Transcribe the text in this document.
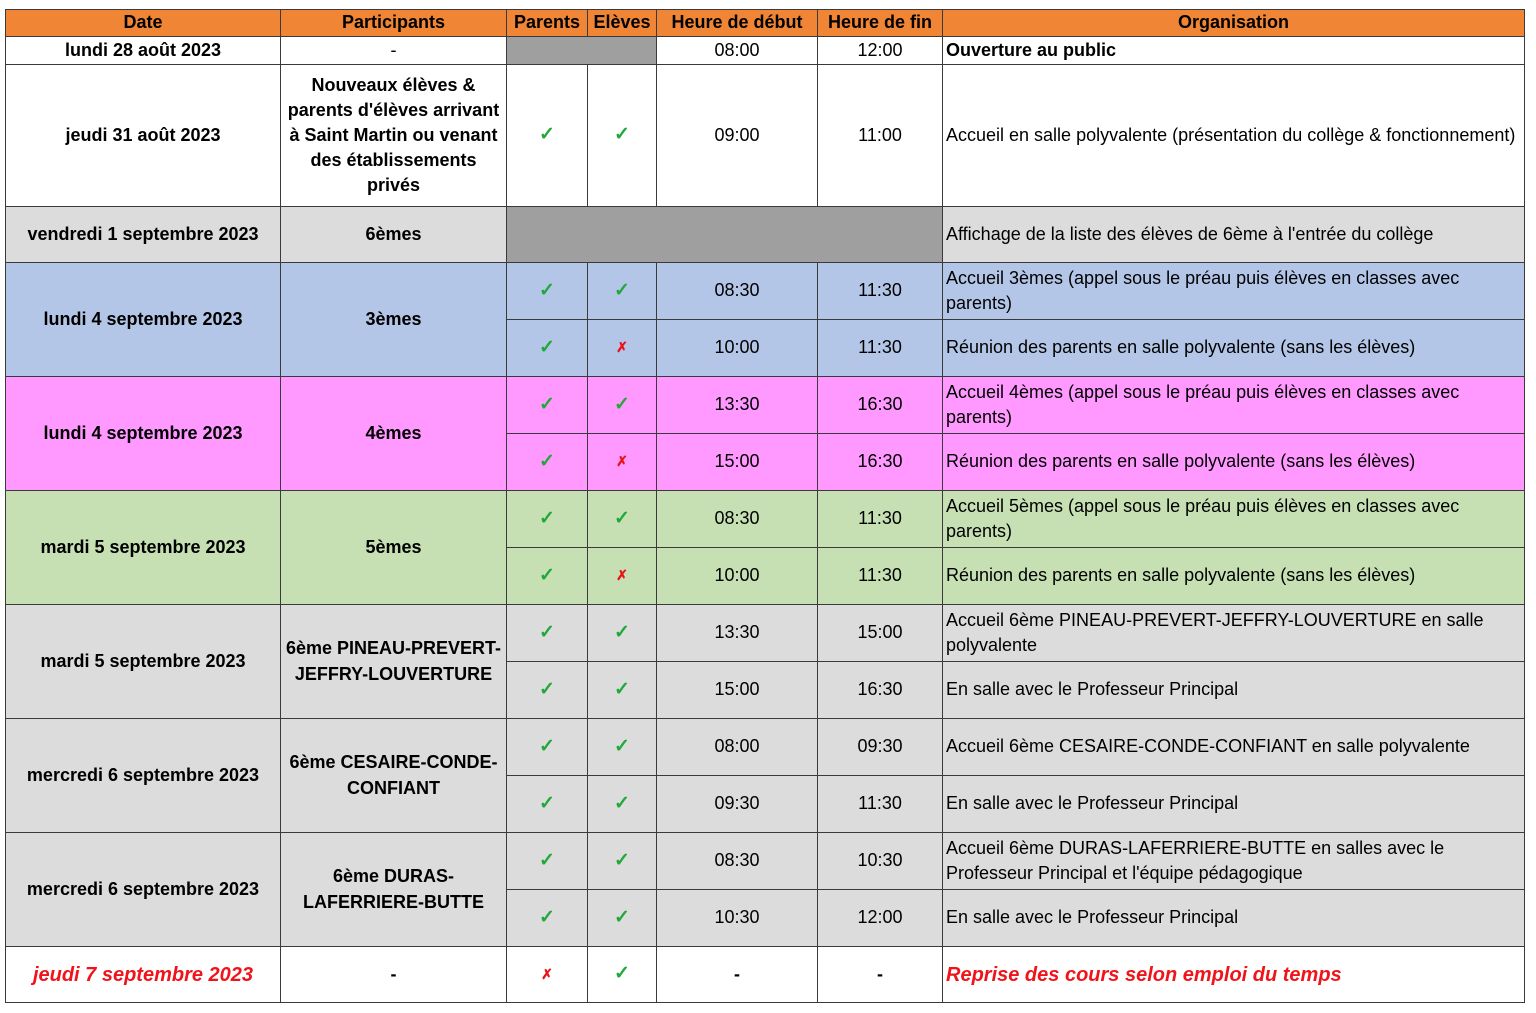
Date	Participants	Parents	Elèves	Heure de début	Heure de fin	Organisation
lundi 28 août 2023	-			08:00	12:00	Ouverture au public
jeudi 31 août 2023	Nouveaux élèves & parents d'élèves arrivant à Saint Martin ou venant des établissements privés	✓	✓	09:00	11:00	Accueil en salle polyvalente (présentation du collège & fonctionnement)
vendredi 1 septembre 2023	6èmes					Affichage de la liste des élèves de 6ème à l'entrée du collège
lundi 4 septembre 2023	3èmes	✓	✓	08:30	11:30	Accueil 3èmes (appel sous le préau puis élèves en classes avec parents)
		✓	✗	10:00	11:30	Réunion des parents en salle polyvalente (sans les élèves)
lundi 4 septembre 2023	4èmes	✓	✓	13:30	16:30	Accueil 4èmes (appel sous le préau puis élèves en classes avec parents)
		✓	✗	15:00	16:30	Réunion des parents en salle polyvalente (sans les élèves)
mardi 5 septembre 2023	5èmes	✓	✓	08:30	11:30	Accueil 5èmes (appel sous le préau puis élèves en classes avec parents)
		✓	✗	10:00	11:30	Réunion des parents en salle polyvalente (sans les élèves)
mardi 5 septembre 2023	6ème PINEAU-PREVERT-JEFFRY-LOUVERTURE	✓	✓	13:30	15:00	Accueil 6ème PINEAU-PREVERT-JEFFRY-LOUVERTURE en salle polyvalente
		✓	✓	15:00	16:30	En salle avec le Professeur Principal
mercredi 6 septembre 2023	6ème CESAIRE-CONDE-CONFIANT	✓	✓	08:00	09:30	Accueil 6ème CESAIRE-CONDE-CONFIANT en salle polyvalente
		✓	✓	09:30	11:30	En salle avec le Professeur Principal
mercredi 6 septembre 2023	6ème DURAS-LAFERRIERE-BUTTE	✓	✓	08:30	10:30	Accueil 6ème DURAS-LAFERRIERE-BUTTE en salles avec le Professeur Principal et l'équipe pédagogique
		✓	✓	10:30	12:00	En salle avec le Professeur Principal
jeudi 7 septembre 2023	-	✗	✓	-	-	Reprise des cours selon emploi du temps
